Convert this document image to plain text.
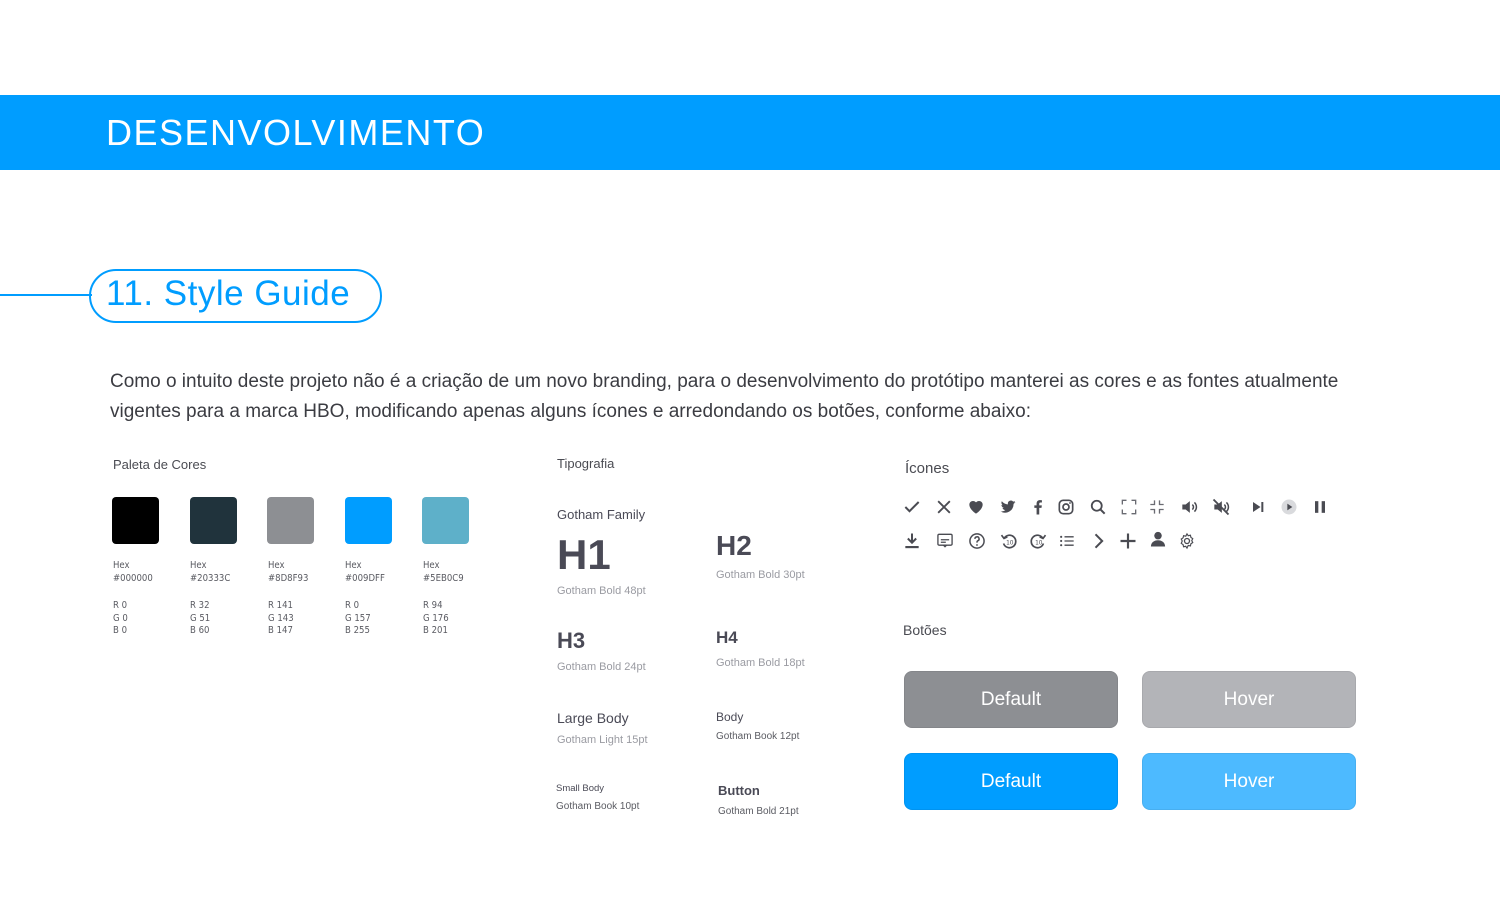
DESENVOLVIMENTO
11. Style Guide

Como o intuito deste projeto não é a criação de um novo branding, para o desenvolvimento do protótipo manterei as cores e as fontes atualmente vigentes para a marca HBO, modificando apenas alguns ícones e arredondando os botões, conforme abaixo:

Paleta de Cores
Hex
#000000
R 0
G 0
B 0
Hex
#20333C
R 32
G 51
B 60
Hex
#8D8F93
R 141
G 143
B 147
Hex
#009DFF
R 0
G 157
B 255
Hex
#5EB0C9
R 94
G 176
B 201
Tipografia
Gotham Family
H1
Gotham Bold 48pt
H2
Gotham Bold 30pt
H3
Gotham Bold 24pt
H4
Gotham Bold 18pt
Large Body
Gotham Light 15pt
Body
Gotham Book 12pt
Small Body
Gotham Book 10pt
Button
Gotham Bold 21pt
Ícones
10	10
Botões
Default	Hover
Default	Hover
